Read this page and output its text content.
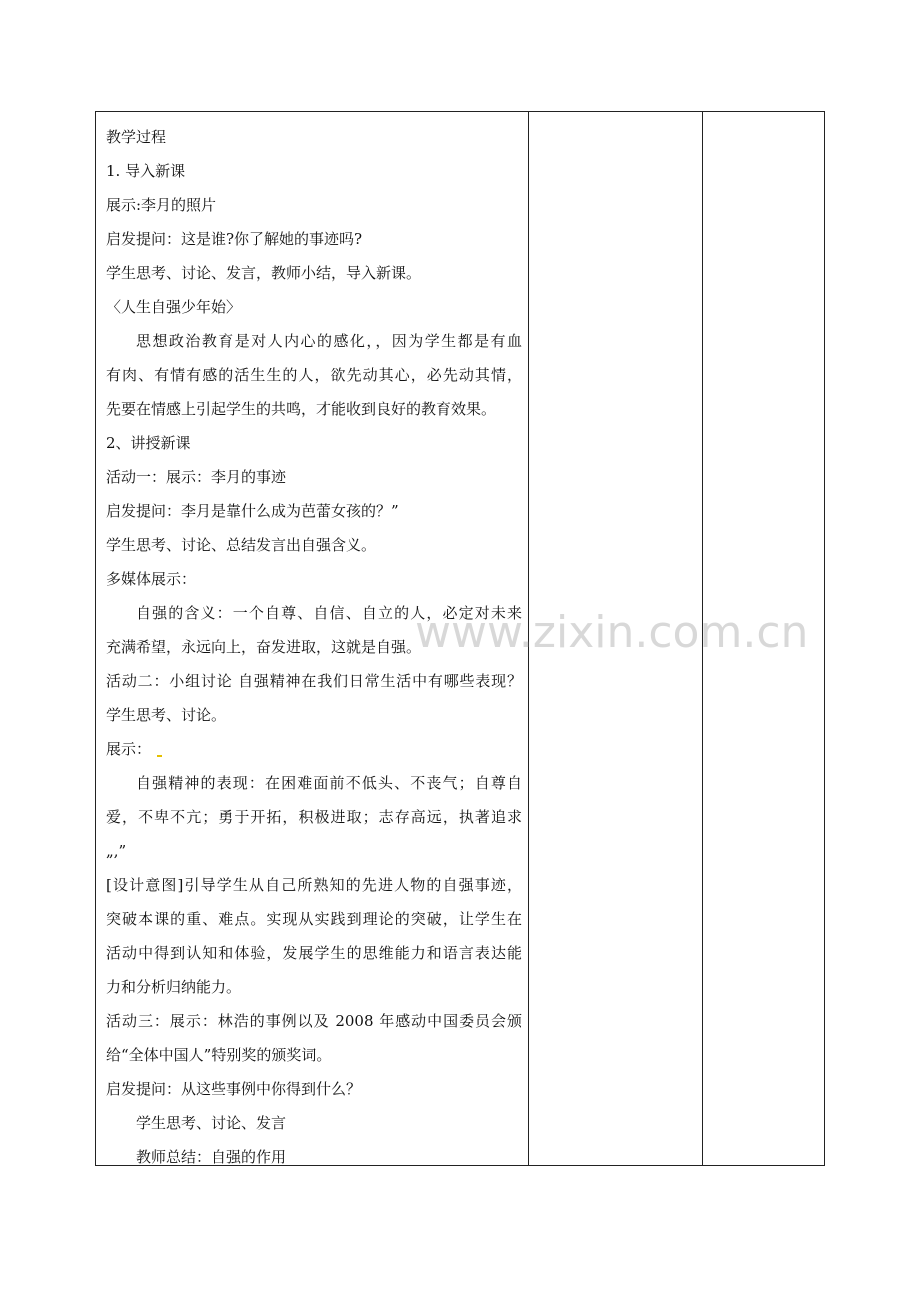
教学过程
1. 导入新课
展示:李月的照片
启发提问：这是谁?你了解她的事迹吗?
学生思考、讨论、发言，教师小结，导入新课。
〈人生自强少年始〉
思想政治教育是对人内心的感化，，因为学生都是有血
有肉、有情有感的活生生的人，欲先动其心，必先动其情，
先要在情感上引起学生的共鸣，才能收到良好的教育效果。
2、讲授新课
活动一：展示：李月的事迹
启发提问：李月是靠什么成为芭蕾女孩的？”
学生思考、讨论、总结发言出自强含义。
多媒体展示：
自强的含义：一个自尊、自信、自立的人，必定对未来
充满希望，永远向上，奋发进取，这就是自强。
活动二：小组讨论 自强精神在我们日常生活中有哪些表现？
学生思考、讨论。
展示：
自强精神的表现：在困难面前不低头、不丧气；自尊自
爱，不卑不亢；勇于开拓，积极进取；志存高远，执著追求
„,”
[设计意图]引导学生从自己所熟知的先进人物的自强事迹，
突破本课的重、难点。实现从实践到理论的突破，让学生在
活动中得到认知和体验，发展学生的思维能力和语言表达能
力和分析归纳能力。
活动三：展示：林浩的事例以及 2008 年感动中国委员会颁
给“全体中国人”特别奖的颁奖词。
启发提问：从这些事例中你得到什么？
学生思考、讨论、发言
教师总结：自强的作用
www.zixin.com.cn
